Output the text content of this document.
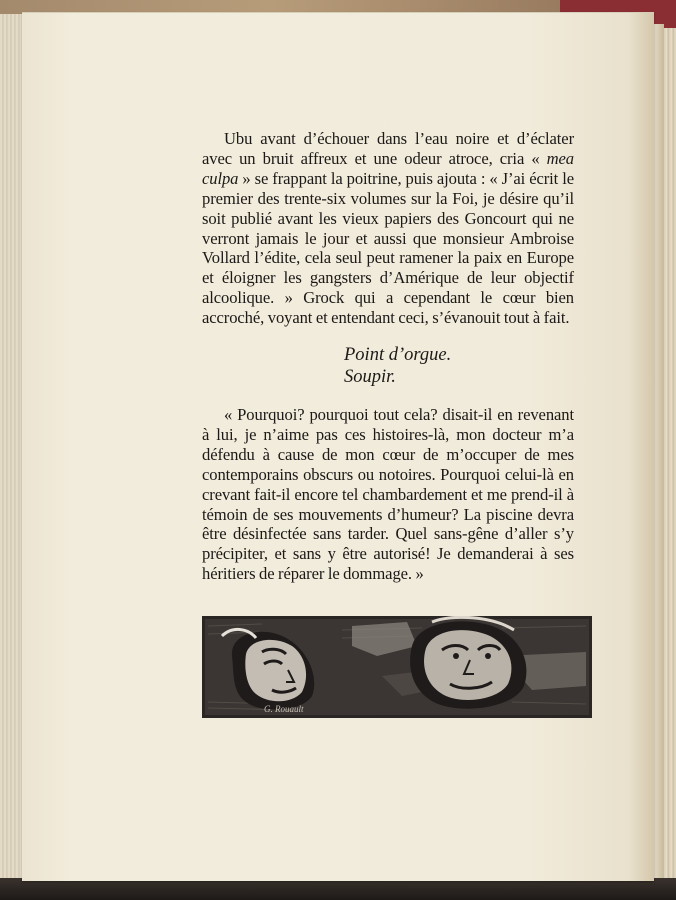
Ubu avant d’échouer dans l’eau noire et d’éclater avec un bruit affreux et une odeur atroce, cria « mea culpa » se frappant la poitrine, puis ajouta : « J’ai écrit le premier des trente-six volumes sur la Foi, je désire qu’il soit publié avant les vieux papiers des Goncourt qui ne verront jamais le jour et aussi que monsieur Ambroise Vollard l’édite, cela seul peut ramener la paix en Europe et éloigner les gangsters d’Amérique de leur objectif alcoolique. » Grock qui a cependant le cœur bien accroché, voyant et entendant ceci, s’évanouit tout à fait.

Point d’orgue.

Soupir.

« Pourquoi? pourquoi tout cela? disait-il en revenant à lui, je n’aime pas ces histoires-là, mon docteur m’a défendu à cause de mon cœur de m’occuper de mes contemporains obscurs ou notoires. Pourquoi celui-là en crevant fait-il encore tel chambardement et me prend-il à témoin de ses mouvements d’humeur? La piscine devra être désinfectée sans tarder. Quel sans-gêne d’aller s’y précipiter, et sans y être autorisé! Je demanderai à ses héritiers de réparer le dommage. »

G. Rouault
